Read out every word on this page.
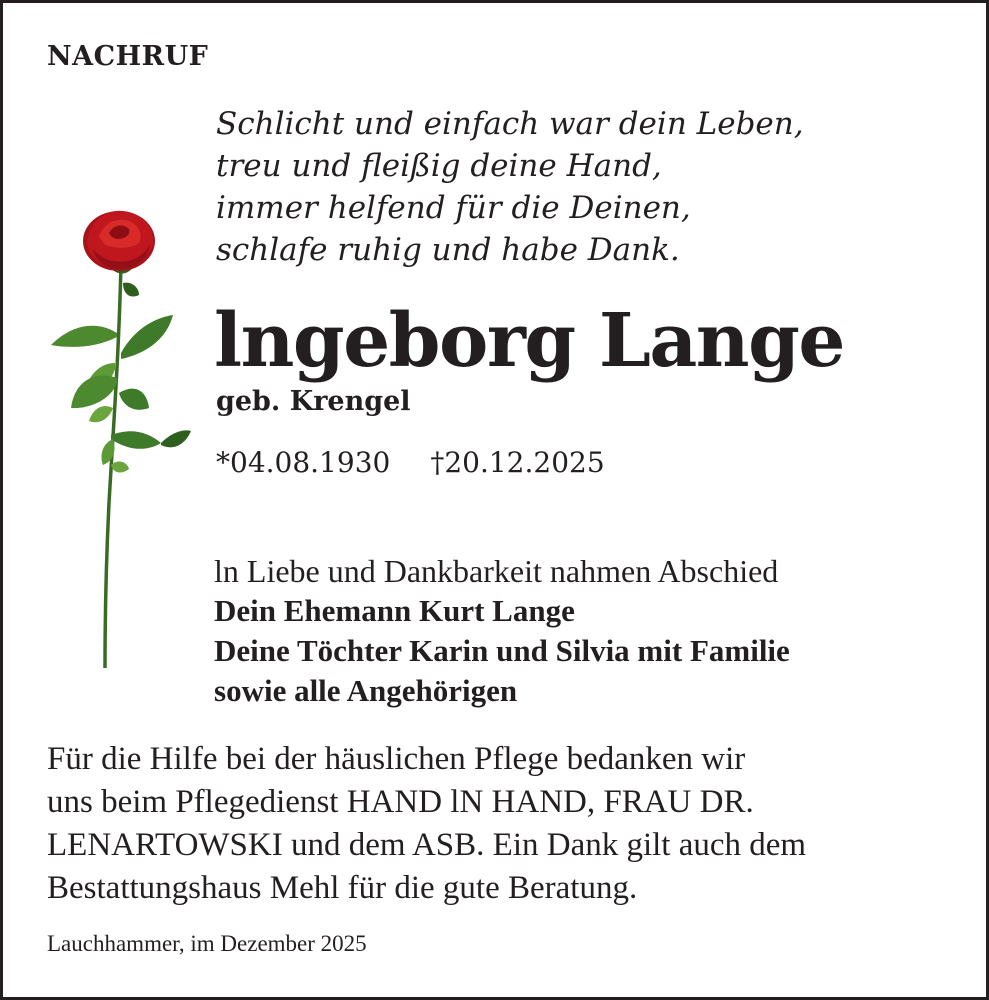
NACHRUF
Schlicht und einfach war dein Leben,
treu und fleißig deine Hand,
immer helfend für die Deinen,
schlafe ruhig und habe Dank.
lngeborg Lange
geb. Krengel
*04.08.1930 †20.12.2025
ln Liebe und Dankbarkeit nahmen Abschied
Dein Ehemann Kurt Lange
Deine Töchter Karin und Silvia mit Familie
sowie alle Angehörigen
Für die Hilfe bei der häuslichen Pflege bedanken wir
uns beim Pflegedienst HAND lN HAND, FRAU DR.
LENARTOWSKI und dem ASB. Ein Dank gilt auch dem
Bestattungshaus Mehl für die gute Beratung.
Lauchhammer, im Dezember 2025
